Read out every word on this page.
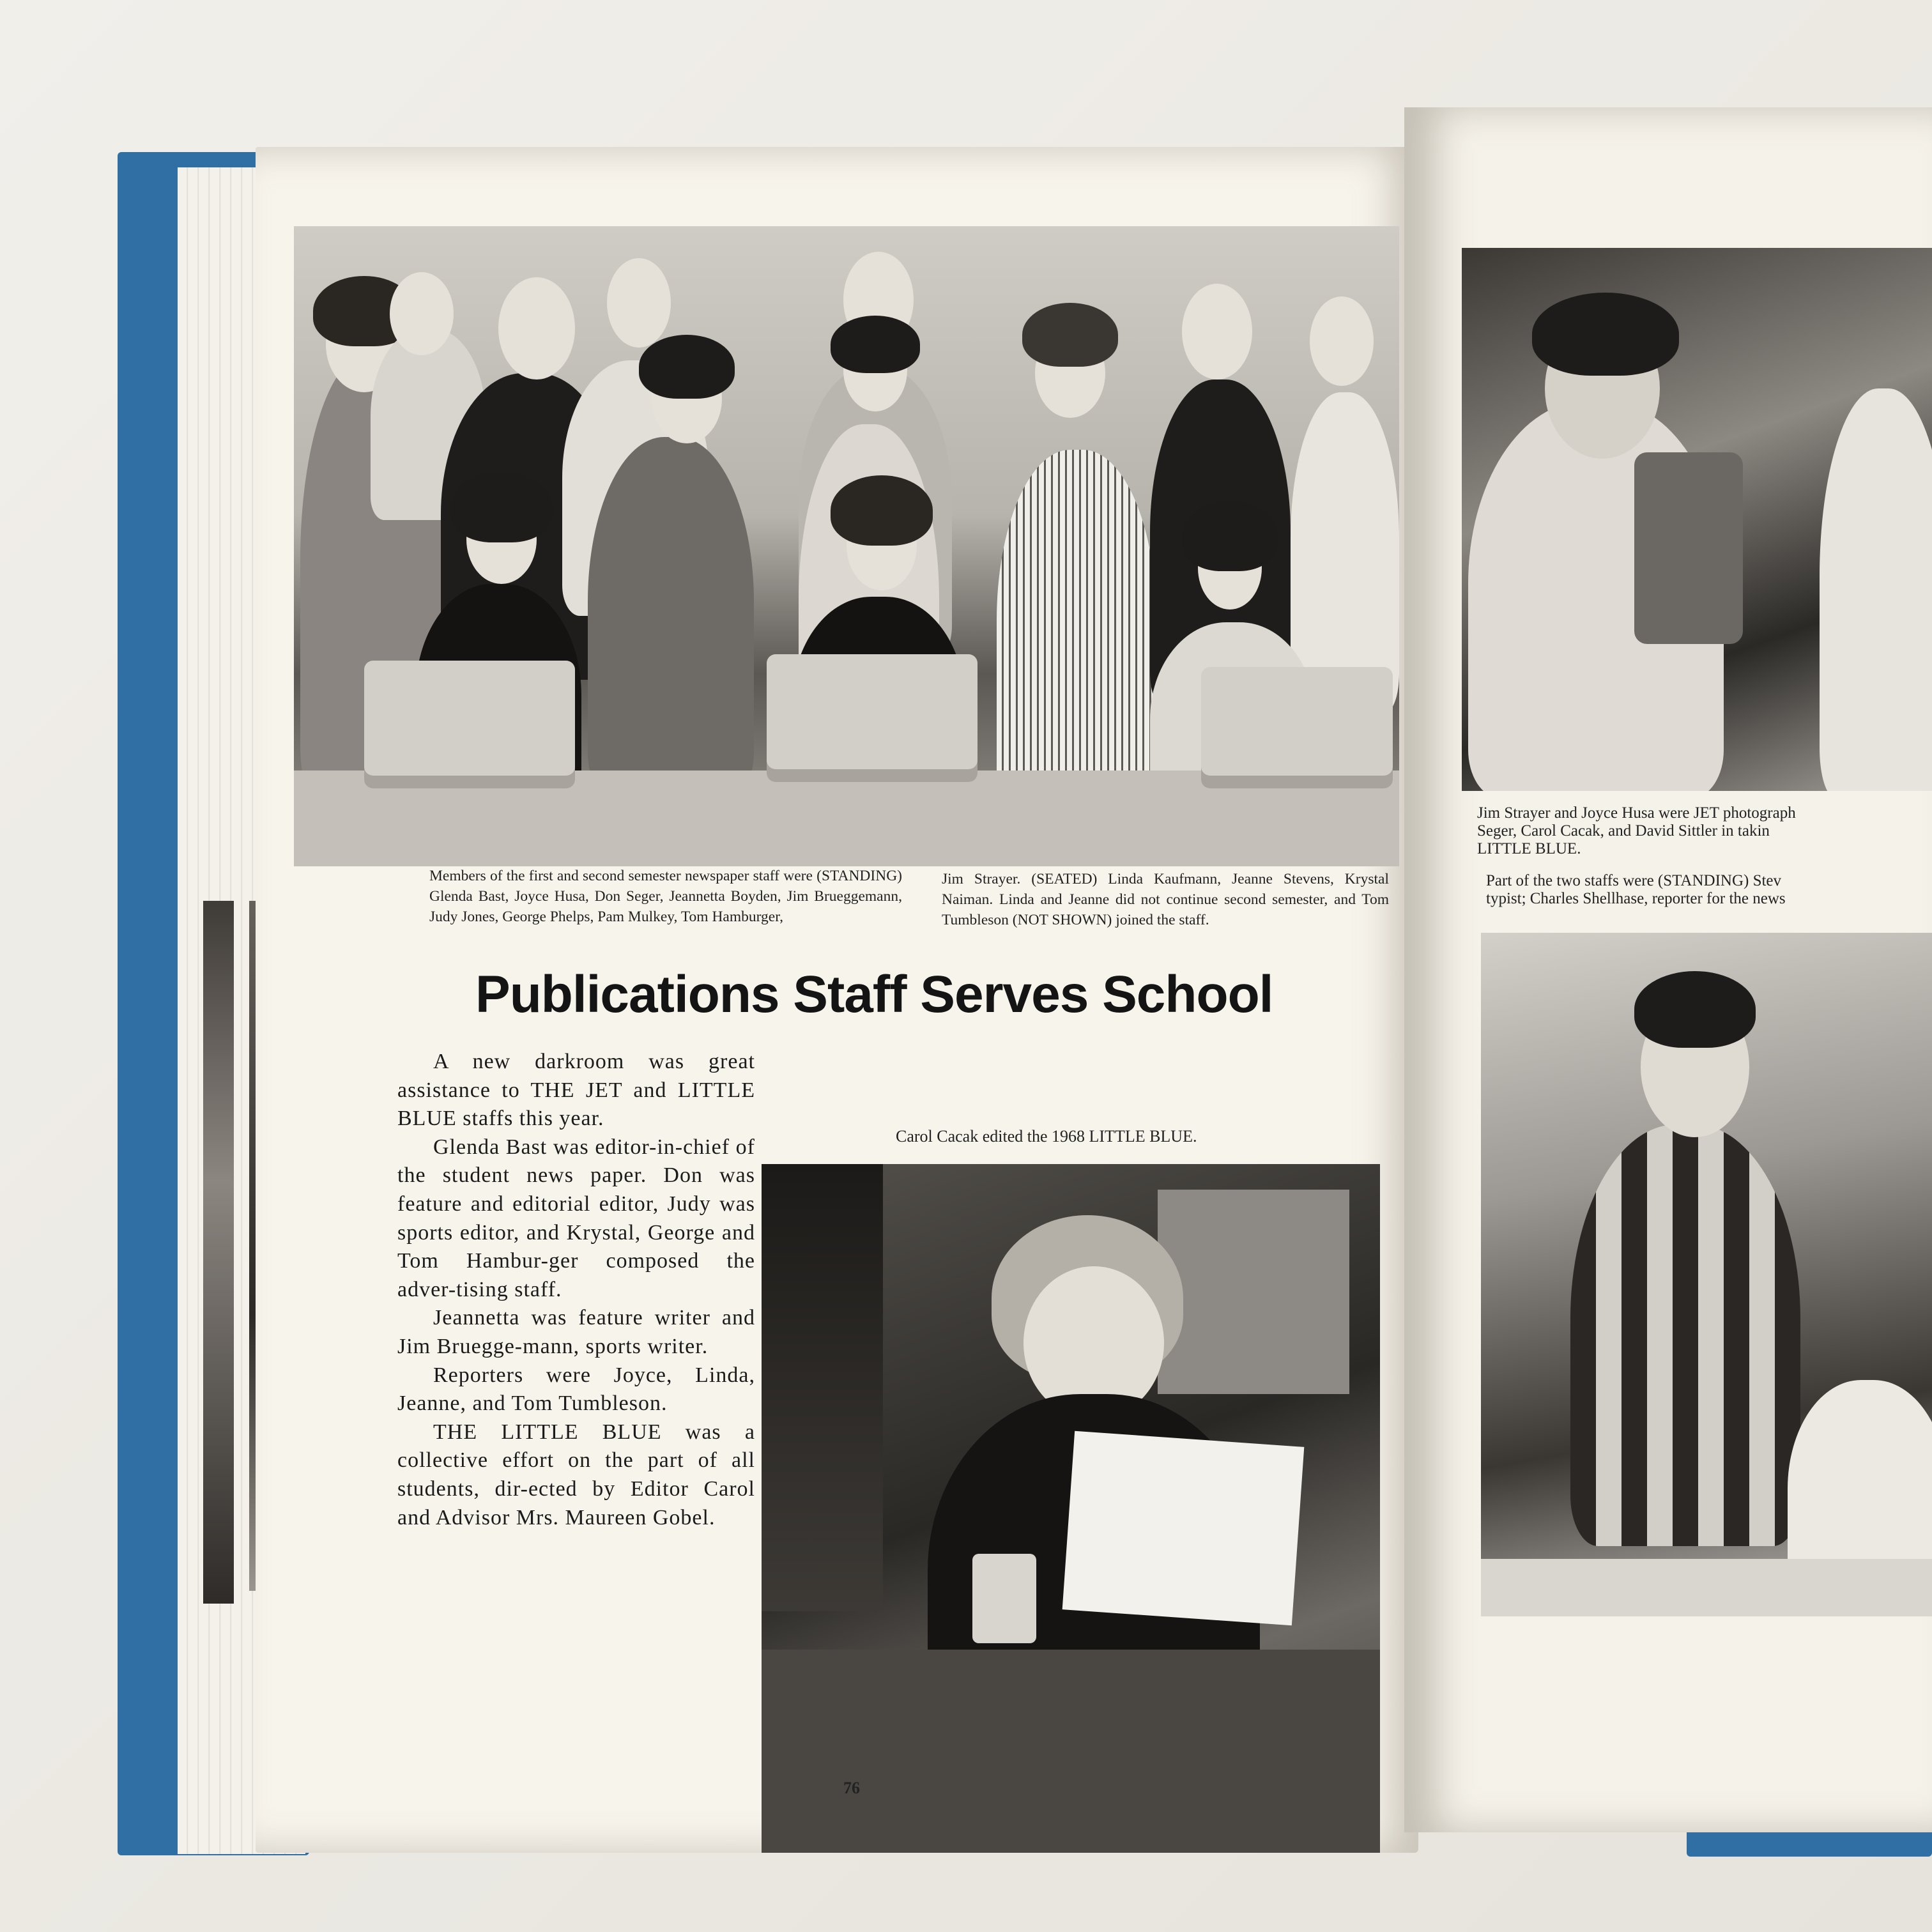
Members of the first and second semester newspaper staff were (STANDING) Glenda Bast, Joyce Husa, Don Seger, Jeannetta Boyden, Jim Brueggemann, Judy Jones, George Phelps, Pam Mulkey, Tom Hamburger,
Jim Strayer. (SEATED) Linda Kaufmann, Jeanne Stevens, Krystal Naiman. Linda and Jeanne did not continue second semester, and Tom Tumbleson (NOT SHOWN) joined the staff.
Publications Staff Serves School

A new darkroom was great assistance to THE JET and LITTLE BLUE staffs this year.

Glenda Bast was editor-in-chief of the student news paper. Don was feature and editorial editor, Judy was sports editor, and Krystal, George and Tom Hambur-ger composed the adver-tising staff.

Jeannetta was feature writer and Jim Bruegge-mann, sports writer.

Reporters were Joyce, Linda, Jeanne, and Tom Tumbleson.

THE LITTLE BLUE was a collective effort on the part of all students, dir-ected by Editor Carol and Advisor Mrs. Maureen Gobel.

Carol Cacak edited the 1968 LITTLE BLUE.
76
Jim Strayer and Joyce Husa were JET photograph
Seger, Carol Cacak, and David Sittler in takin
LITTLE BLUE.
Part of the two staffs were (STANDING) Stev
typist; Charles Shellhase, reporter for the news
